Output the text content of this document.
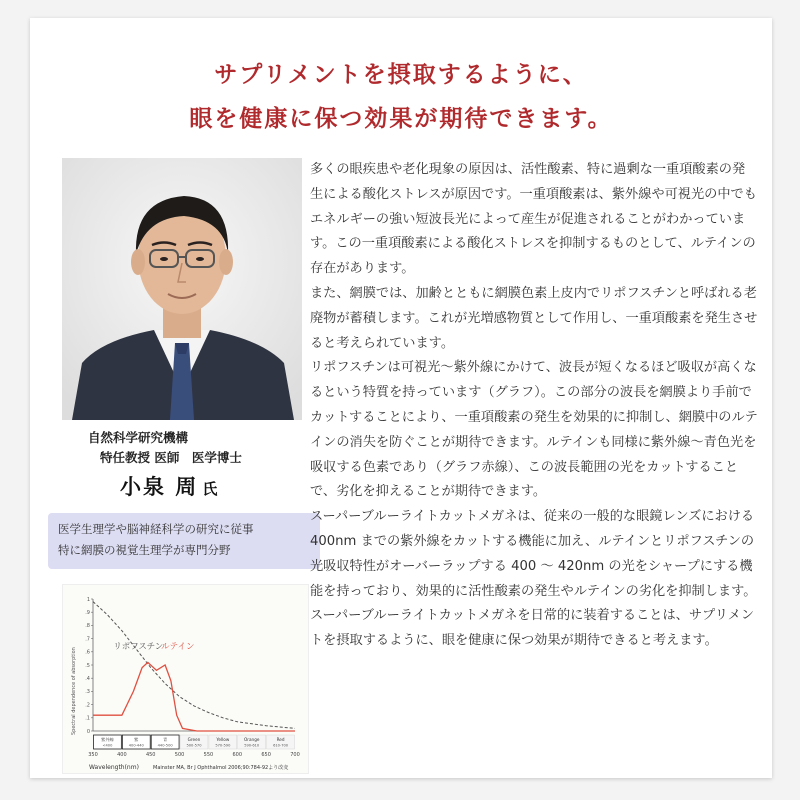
サプリメントを摂取するように、
眼を健康に保つ効果が期待できます。
自然科学研究機構
特任教授 医師　医学博士
小泉 周 氏
医学生理学や脳神経科学の研究に従事
特に網膜の視覚生理学が専門分野
Spectral dependence of absorption
Wavelength(nm)	Mainster MA, Br J Ophthalmol 2006;90:784-92より改変
0
.1
.2
.3
.4
.5
.6
.7
.8
.9
1
紫外線
<400
紫
400-440
青
440-500
Green
500-570
Yellow
570-590
Orange
590-610
Red
610-700
350	400	450	500	550	600	650	700
リポフスチン
ルテイン

多くの眼疾患や老化現象の原因は、活性酸素、特に過剰な一重項酸素の発生による酸化ストレスが原因です。一重項酸素は、紫外線や可視光の中でもエネルギーの強い短波長光によって産生が促進されることがわかっています。この一重項酸素による酸化ストレスを抑制するものとして、ルテインの存在があります。

また、網膜では、加齢とともに網膜色素上皮内でリポフスチンと呼ばれる老廃物が蓄積します。これが光増感物質として作用し、一重項酸素を発生させると考えられています。

リポフスチンは可視光〜紫外線にかけて、波長が短くなるほど吸収が高くなるという特質を持っています（グラフ）。この部分の波長を網膜より手前でカットすることにより、一重項酸素の発生を効果的に抑制し、網膜中のルテインの消失を防ぐことが期待できます。ルテインも同様に紫外線〜青色光を吸収する色素であり（グラフ赤線）、この波長範囲の光をカットすることで、劣化を抑えることが期待できます。

スーパーブルーライトカットメガネは、従来の一般的な眼鏡レンズにおける 400nm までの紫外線をカットする機能に加え、ルテインとリポフスチンの光吸収特性がオーバーラップする 400 〜 420nm の光をシャープにする機能を持っており、効果的に活性酸素の発生やルテインの劣化を抑制します。

スーパーブルーライトカットメガネを日常的に装着することは、サプリメントを摂取するように、眼を健康に保つ効果が期待できると考えます。
